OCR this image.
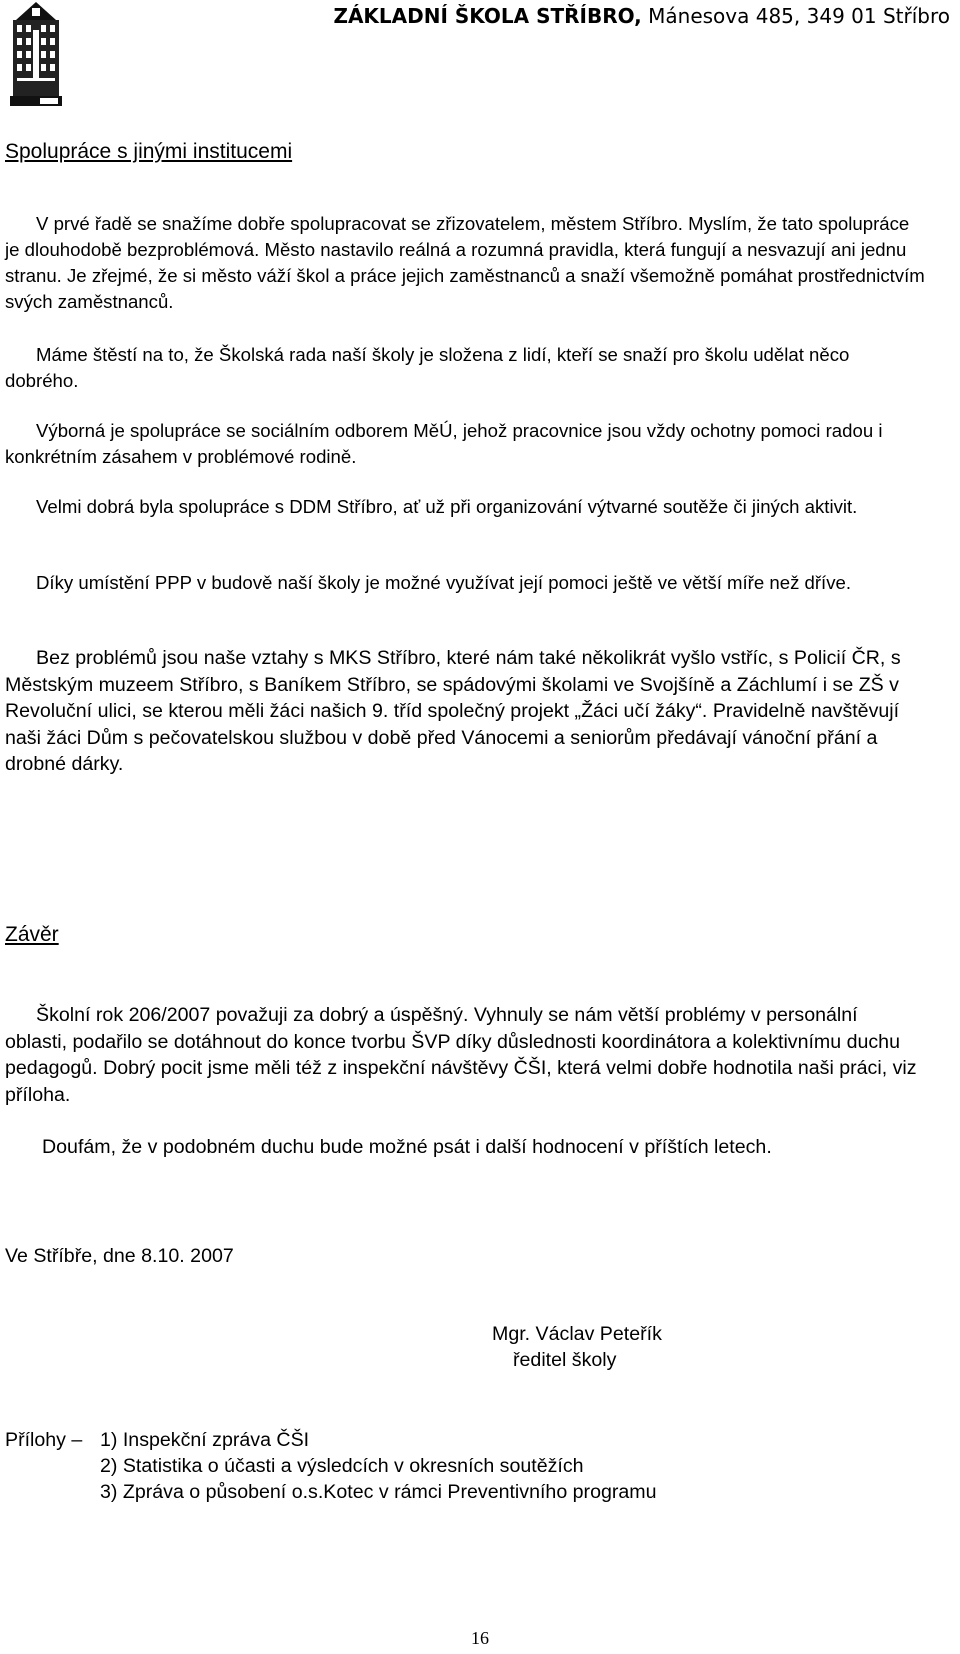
ZÁKLADNÍ ŠKOLA STŘÍBRO, Mánesova 485, 349 01 Stříbro
Spolupráce s jinými institucemi
V prvé řadě se snažíme dobře spolupracovat se zřizovatelem, městem Stříbro. Myslím, že tato spolupráce je dlouhodobě bezproblémová. Město nastavilo reálná a rozumná pravidla, která fungují a nesvazují ani jednu stranu. Je zřejmé, že si město váží škol a práce jejich zaměstnanců a snaží všemožně pomáhat prostřednictvím svých zaměstnanců.
Máme štěstí na to, že Školská rada naší školy je složena z lidí, kteří se snaží pro školu udělat něco dobrého.
Výborná je spolupráce se sociálním odborem MěÚ, jehož pracovnice jsou vždy ochotny pomoci radou i konkrétním zásahem v problémové rodině.
Velmi dobrá byla spolupráce s DDM Stříbro, ať už při organizování výtvarné soutěže či jiných aktivit.
Díky umístění PPP v budově naší školy je možné využívat její pomoci ještě ve větší míře než dříve.
Bez problémů jsou naše vztahy s MKS Stříbro, které nám také několikrát vyšlo vstříc, s Policií ČR, s Městským muzeem Stříbro, s Baníkem Stříbro, se spádovými školami ve Svojšíně a Záchlumí i se ZŠ v Revoluční ulici, se kterou měli žáci našich 9. tříd společný projekt „Žáci učí žáky“. Pravidelně navštěvují naši žáci Dům s pečovatelskou službou v době před Vánocemi a seniorům předávají vánoční přání a drobné dárky.
Závěr
Školní rok 206/2007 považuji za dobrý a úspěšný. Vyhnuly se nám větší problémy v personální oblasti, podařilo se dotáhnout do konce tvorbu ŠVP díky důslednosti koordinátora a kolektivnímu duchu pedagogů. Dobrý pocit jsme měli též z inspekční návštěvy ČŠI, která velmi dobře hodnotila naši práci, viz příloha.
Doufám, že v podobném duchu bude možné psát i další hodnocení v příštích letech.
Ve Stříbře, dne 8.10. 2007
Mgr. Václav Peteřík
ředitel školy
Přílohy – 1) Inspekční zpráva ČŠI
2) Statistika o účasti a výsledcích v okresních soutěžích
3) Zpráva o působení o.s.Kotec v rámci Preventivního programu
16
